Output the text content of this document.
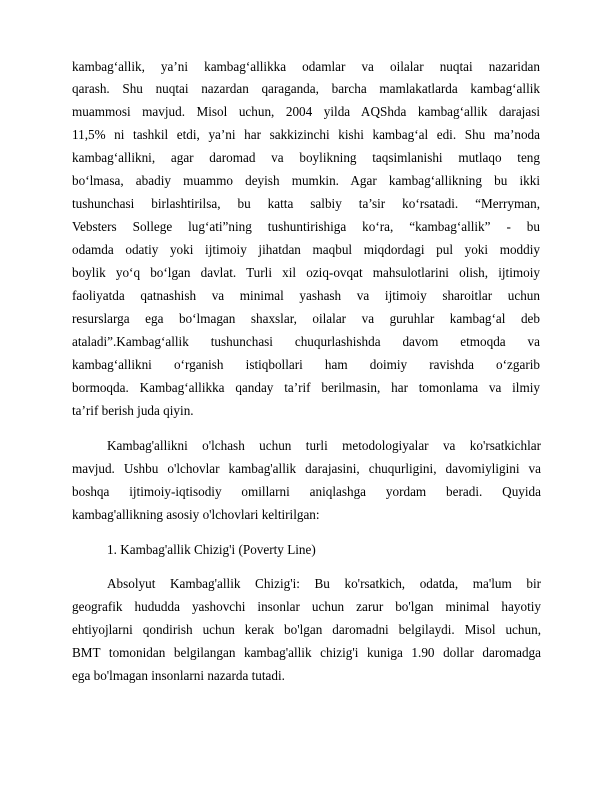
kambag‘allik, ya’ni kambag‘allikka odamlar va oilalar nuqtai nazaridan
qarash. Shu nuqtai nazardan qaraganda, barcha mamlakatlarda kambag‘allik
muammosi mavjud. Misol uchun, 2004 yilda AQShda kambag‘allik darajasi
11,5% ni tashkil etdi, ya’ni har sakkizinchi kishi kambag‘al edi. Shu ma’noda
kambag‘allikni, agar daromad va boylikning taqsimlanishi mutlaqo teng
bo‘lmasa, abadiy muammo deyish mumkin. Agar kambag‘allikning bu ikki
tushunchasi birlashtirilsa, bu katta salbiy ta’sir ko‘rsatadi. “Merryman,
Vebsters Sollege lug‘ati”ning tushuntirishiga ko‘ra, “kambag‘allik” - bu
odamda odatiy yoki ijtimoiy jihatdan maqbul miqdordagi pul yoki moddiy
boylik yo‘q bo‘lgan davlat. Turli xil oziq-ovqat mahsulotlarini olish, ijtimoiy
faoliyatda qatnashish va minimal yashash va ijtimoiy sharoitlar uchun
resurslarga ega bo‘lmagan shaxslar, oilalar va guruhlar kambag‘al deb
ataladi”.Kambag‘allik tushunchasi chuqurlashishda davom etmoqda va
kambag‘allikni o‘rganish istiqbollari ham doimiy ravishda o‘zgarib
bormoqda. Kambag‘allikka qanday ta’rif berilmasin, har tomonlama va ilmiy
ta’rif berish juda qiyin.
Kambag'allikni o'lchash uchun turli metodologiyalar va ko'rsatkichlar
mavjud. Ushbu o'lchovlar kambag'allik darajasini, chuqurligini, davomiyligini va
boshqa ijtimoiy-iqtisodiy omillarni aniqlashga yordam beradi. Quyida
kambag'allikning asosiy o'lchovlari keltirilgan:
1. Kambag'allik Chizig'i (Poverty Line)
Absolyut Kambag'allik Chizig'i: Bu ko'rsatkich, odatda, ma'lum bir
geografik hududda yashovchi insonlar uchun zarur bo'lgan minimal hayotiy
ehtiyojlarni qondirish uchun kerak bo'lgan daromadni belgilaydi. Misol uchun,
BMT tomonidan belgilangan kambag'allik chizig'i kuniga 1.90 dollar daromadga
ega bo'lmagan insonlarni nazarda tutadi.
